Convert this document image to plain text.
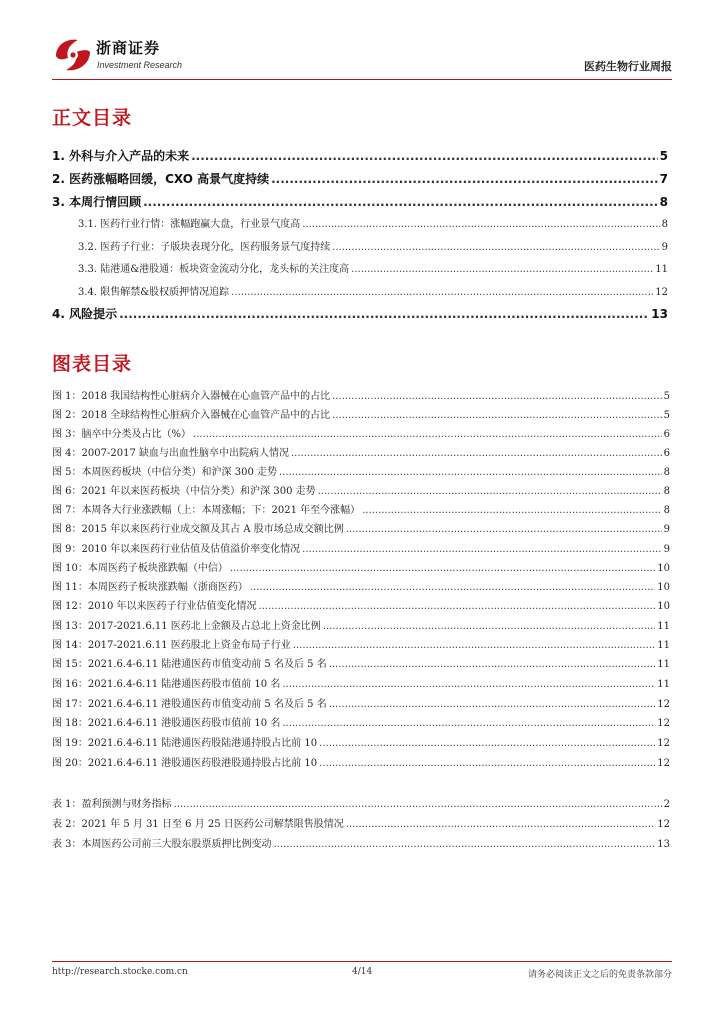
浙商证券
Investment Research	医药生物行业周报
正文目录
1. 外科与介入产品的未来 .....	5
2. 医药涨幅略回缓，CXO 高景气度持续 .....	7
3. 本周行情回顾 .....	8
3.1. 医药行业行情：涨幅跑赢大盘，行业景气度高 .....	8
3.2. 医药子行业：子版块表现分化，医药服务景气度持续 .....	9
3.3. 陆港通&港股通：板块资金流动分化，龙头标的关注度高 .....	11
3.4. 限售解禁&股权质押情况追踪 .....	12
4. 风险提示 .....	13
图表目录
图 1：2018 我国结构性心脏病介入器械在心血管产品中的占比 .....	5
图 2：2018 全球结构性心脏病介入器械在心血管产品中的占比 .....	5
图 3：脑卒中分类及占比（%） .....	6
图 4：2007-2017 缺血与出血性脑卒中出院病人情况 .....	6
图 5：本周医药板块（中信分类）和沪深 300 走势 .....	8
图 6：2021 年以来医药板块（中信分类）和沪深 300 走势 .....	8
图 7：本周各大行业涨跌幅（上：本周涨幅；下：2021 年至今涨幅） .....	8
图 8：2015 年以来医药行业成交额及其占 A 股市场总成交额比例 .....	9
图 9：2010 年以来医药行业估值及估值溢价率变化情况 .....	9
图 10：本周医药子板块涨跌幅（中信） .....	10
图 11：本周医药子板块涨跌幅（浙商医药） .....	10
图 12：2010 年以来医药子行业估值变化情况 .....	10
图 13：2017-2021.6.11 医药北上金额及占总北上资金比例 .....	11
图 14：2017-2021.6.11 医药股北上资金布局子行业 .....	11
图 15：2021.6.4-6.11 陆港通医药市值变动前 5 名及后 5 名 .....	11
图 16：2021.6.4-6.11 陆港通医药股市值前 10 名 .....	11
图 17：2021.6.4-6.11 港股通医药市值变动前 5 名及后 5 名 .....	12
图 18：2021.6.4-6.11 港股通医药股市值前 10 名 .....	12
图 19：2021.6.4-6.11 陆港通医药股陆港通持股占比前 10 .....	12
图 20：2021.6.4-6.11 港股通医药股港股通持股占比前 10 .....	12
表 1：盈利预测与财务指标 .....	2
表 2：2021 年 5 月 31 日至 6 月 25 日医药公司解禁限售股情况 .....	12
表 3：本周医药公司前三大股东股票质押比例变动 .....	13
http://research.stocke.com.cn	4/14	请务必阅读正文之后的免责条款部分
